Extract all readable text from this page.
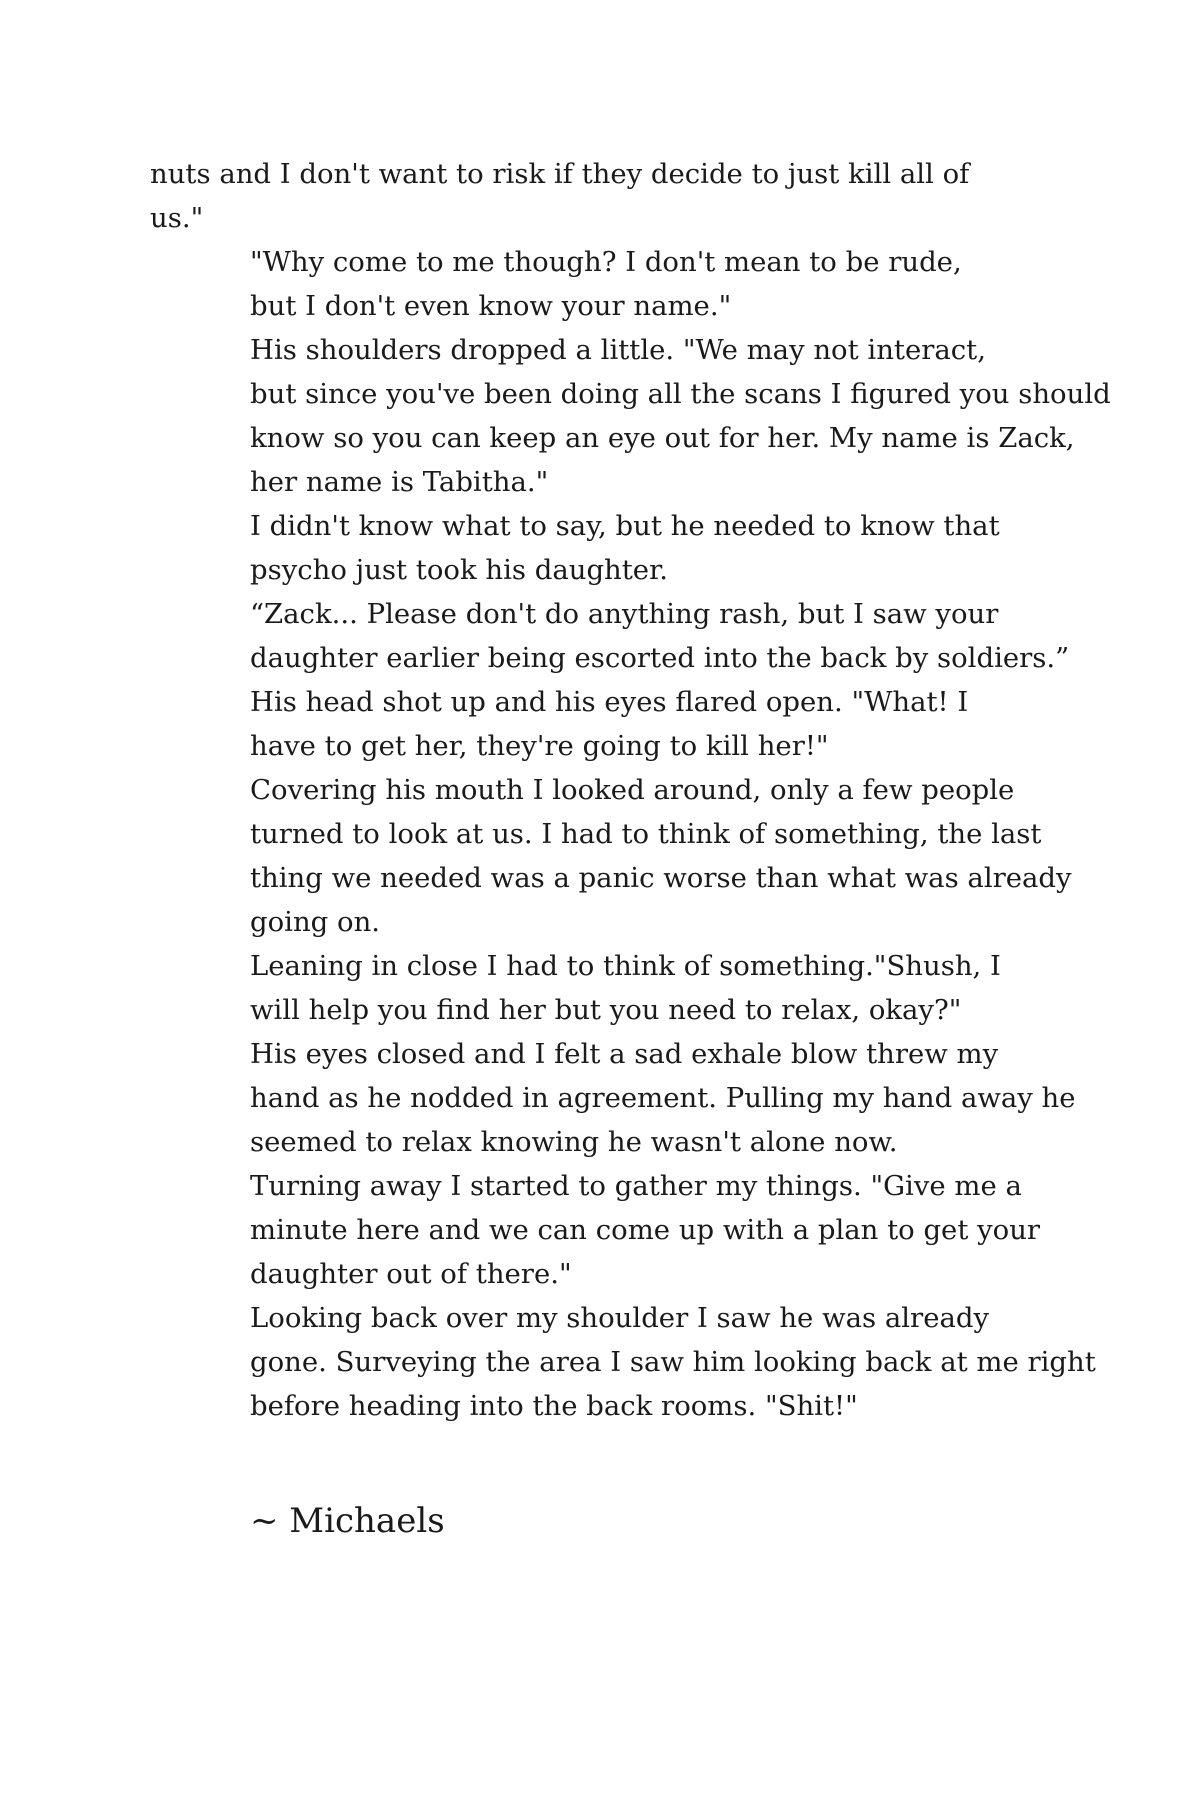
nuts and I don't want to risk if they decide to just kill all of
us."

"Why come to me though? I don't mean to be rude,
but I don't even know your name."

His shoulders dropped a little. "We may not interact,
but since you've been doing all the scans I figured you should
know so you can keep an eye out for her. My name is Zack,
her name is Tabitha."

I didn't know what to say, but he needed to know that
psycho just took his daughter.

“Zack... Please don't do anything rash, but I saw your
daughter earlier being escorted into the back by soldiers.”

His head shot up and his eyes flared open. "What! I
have to get her, they're going to kill her!"

Covering his mouth I looked around, only a few people
turned to look at us. I had to think of something, the last
thing we needed was a panic worse than what was already
going on.

Leaning in close I had to think of something."Shush, I
will help you find her but you need to relax, okay?"

His eyes closed and I felt a sad exhale blow threw my
hand as he nodded in agreement. Pulling my hand away he
seemed to relax knowing he wasn't alone now.

Turning away I started to gather my things. "Give me a
minute here and we can come up with a plan to get your
daughter out of there."

Looking back over my shoulder I saw he was already
gone. Surveying the area I saw him looking back at me right
before heading into the back rooms. "Shit!"

~ Michaels
